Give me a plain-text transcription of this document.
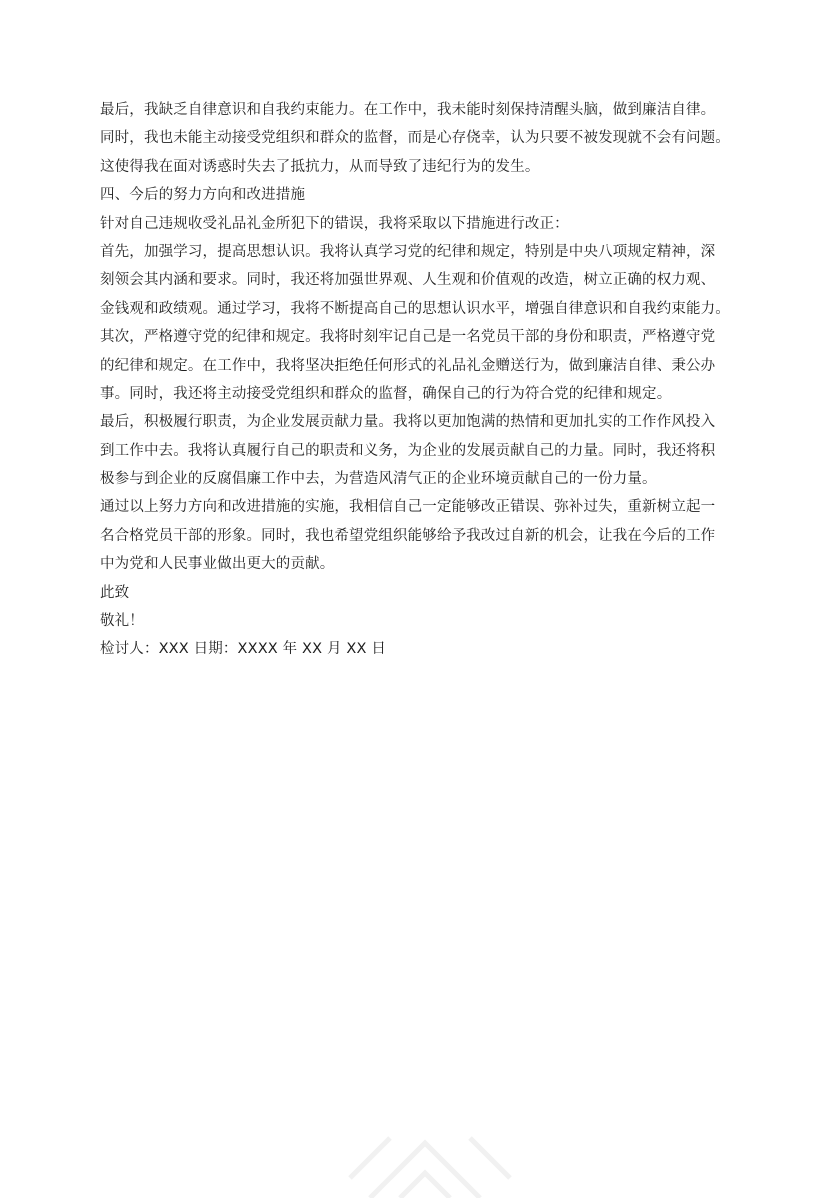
最后，我缺乏自律意识和自我约束能力。在工作中，我未能时刻保持清醒头脑，做到廉洁自律。
同时，我也未能主动接受党组织和群众的监督，而是心存侥幸，认为只要不被发现就不会有问题。
这使得我在面对诱惑时失去了抵抗力，从而导致了违纪行为的发生。
四、今后的努力方向和改进措施
针对自己违规收受礼品礼金所犯下的错误，我将采取以下措施进行改正：
首先，加强学习，提高思想认识。我将认真学习党的纪律和规定，特别是中央八项规定精神，深
刻领会其内涵和要求。同时，我还将加强世界观、人生观和价值观的改造，树立正确的权力观、
金钱观和政绩观。通过学习，我将不断提高自己的思想认识水平，增强自律意识和自我约束能力。
其次，严格遵守党的纪律和规定。我将时刻牢记自己是一名党员干部的身份和职责，严格遵守党
的纪律和规定。在工作中，我将坚决拒绝任何形式的礼品礼金赠送行为，做到廉洁自律、秉公办
事。同时，我还将主动接受党组织和群众的监督，确保自己的行为符合党的纪律和规定。
最后，积极履行职责，为企业发展贡献力量。我将以更加饱满的热情和更加扎实的工作作风投入
到工作中去。我将认真履行自己的职责和义务，为企业的发展贡献自己的力量。同时，我还将积
极参与到企业的反腐倡廉工作中去，为营造风清气正的企业环境贡献自己的一份力量。
通过以上努力方向和改进措施的实施，我相信自己一定能够改正错误、弥补过失，重新树立起一
名合格党员干部的形象。同时，我也希望党组织能够给予我改过自新的机会，让我在今后的工作
中为党和人民事业做出更大的贡献。
此致
敬礼！
检讨人：XXX 日期：XXXX 年 XX 月 XX 日
